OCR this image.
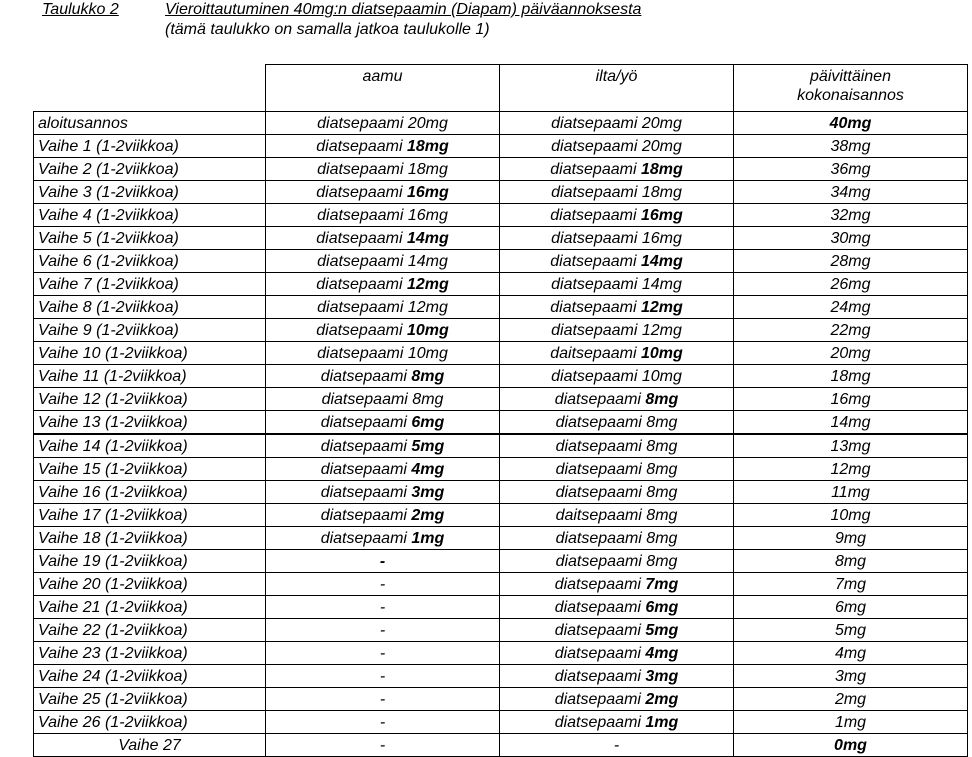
Taulukko 2	Vieroittautuminen 40mg:n diatsepaamin (Diapam) päiväannoksesta
(tämä taulukko on samalla jatkoa taulukolle 1)
	aamu	ilta/yö	päivittäinen
kokonaisannos
aloitusannos	diatsepaami 20mg	diatsepaami 20mg	40mg
Vaihe 1 (1-2viikkoa)	diatsepaami 18mg	diatsepaami 20mg	38mg
Vaihe 2 (1-2viikkoa)	diatsepaami 18mg	diatsepaami 18mg	36mg
Vaihe 3 (1-2viikkoa)	diatsepaami 16mg	diatsepaami 18mg	34mg
Vaihe 4 (1-2viikkoa)	diatsepaami 16mg	diatsepaami 16mg	32mg
Vaihe 5 (1-2viikkoa)	diatsepaami 14mg	diatsepaami 16mg	30mg
Vaihe 6 (1-2viikkoa)	diatsepaami 14mg	diatsepaami 14mg	28mg
Vaihe 7 (1-2viikkoa)	diatsepaami 12mg	diatsepaami 14mg	26mg
Vaihe 8 (1-2viikkoa)	diatsepaami 12mg	diatsepaami 12mg	24mg
Vaihe 9 (1-2viikkoa)	diatsepaami 10mg	diatsepaami 12mg	22mg
Vaihe 10 (1-2viikkoa)	diatsepaami 10mg	daitsepaami 10mg	20mg
Vaihe 11 (1-2viikkoa)	diatsepaami 8mg	diatsepaami 10mg	18mg
Vaihe 12 (1-2viikkoa)	diatsepaami 8mg	diatsepaami 8mg	16mg
Vaihe 13 (1-2viikkoa)	diatsepaami 6mg	diatsepaami 8mg	14mg
Vaihe 14 (1-2viikkoa)	diatsepaami 5mg	diatsepaami 8mg	13mg
Vaihe 15 (1-2viikkoa)	diatsepaami 4mg	diatsepaami 8mg	12mg
Vaihe 16 (1-2viikkoa)	diatsepaami 3mg	diatsepaami 8mg	11mg
Vaihe 17 (1-2viikkoa)	diatsepaami 2mg	daitsepaami 8mg	10mg
Vaihe 18 (1-2viikkoa)	diatsepaami 1mg	diatsepaami 8mg	9mg
Vaihe 19 (1-2viikkoa)	-	diatsepaami 8mg	8mg
Vaihe 20 (1-2viikkoa)	-	diatsepaami 7mg	7mg
Vaihe 21 (1-2viikkoa)	-	diatsepaami 6mg	6mg
Vaihe 22 (1-2viikkoa)	-	diatsepaami 5mg	5mg
Vaihe 23 (1-2viikkoa)	-	diatsepaami 4mg	4mg
Vaihe 24 (1-2viikkoa)	-	diatsepaami 3mg	3mg
Vaihe 25 (1-2viikkoa)	-	diatsepaami 2mg	2mg
Vaihe 26 (1-2viikkoa)	-	diatsepaami 1mg	1mg
Vaihe 27	-	-	0mg
